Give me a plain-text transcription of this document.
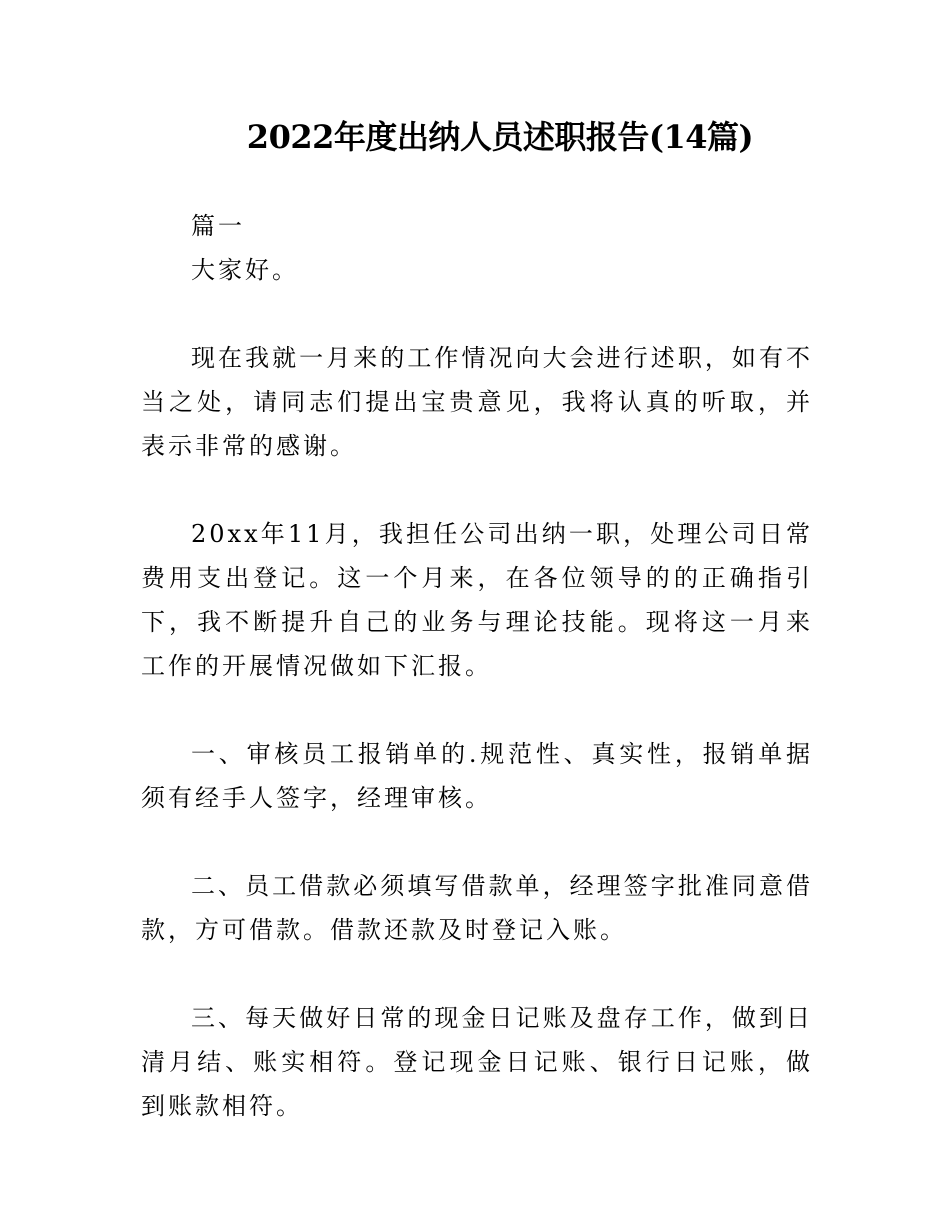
2022年度出纳人员述职报告(14篇)

篇一

大家好。

现在我就一月来的工作情况向大会进行述职，如有不当之处，请同志们提出宝贵意见，我将认真的听取，并表示非常的感谢。

20xx年11月，我担任公司出纳一职，处理公司日常费用支出登记。这一个月来，在各位领导的的正确指引下，我不断提升自己的业务与理论技能。现将这一月来工作的开展情况做如下汇报。

一、审核员工报销单的.规范性、真实性，报销单据须有经手人签字，经理审核。

二、员工借款必须填写借款单，经理签字批准同意借款，方可借款。借款还款及时登记入账。

三、每天做好日常的现金日记账及盘存工作，做到日清月结、账实相符。登记现金日记账、银行日记账，做到账款相符。
